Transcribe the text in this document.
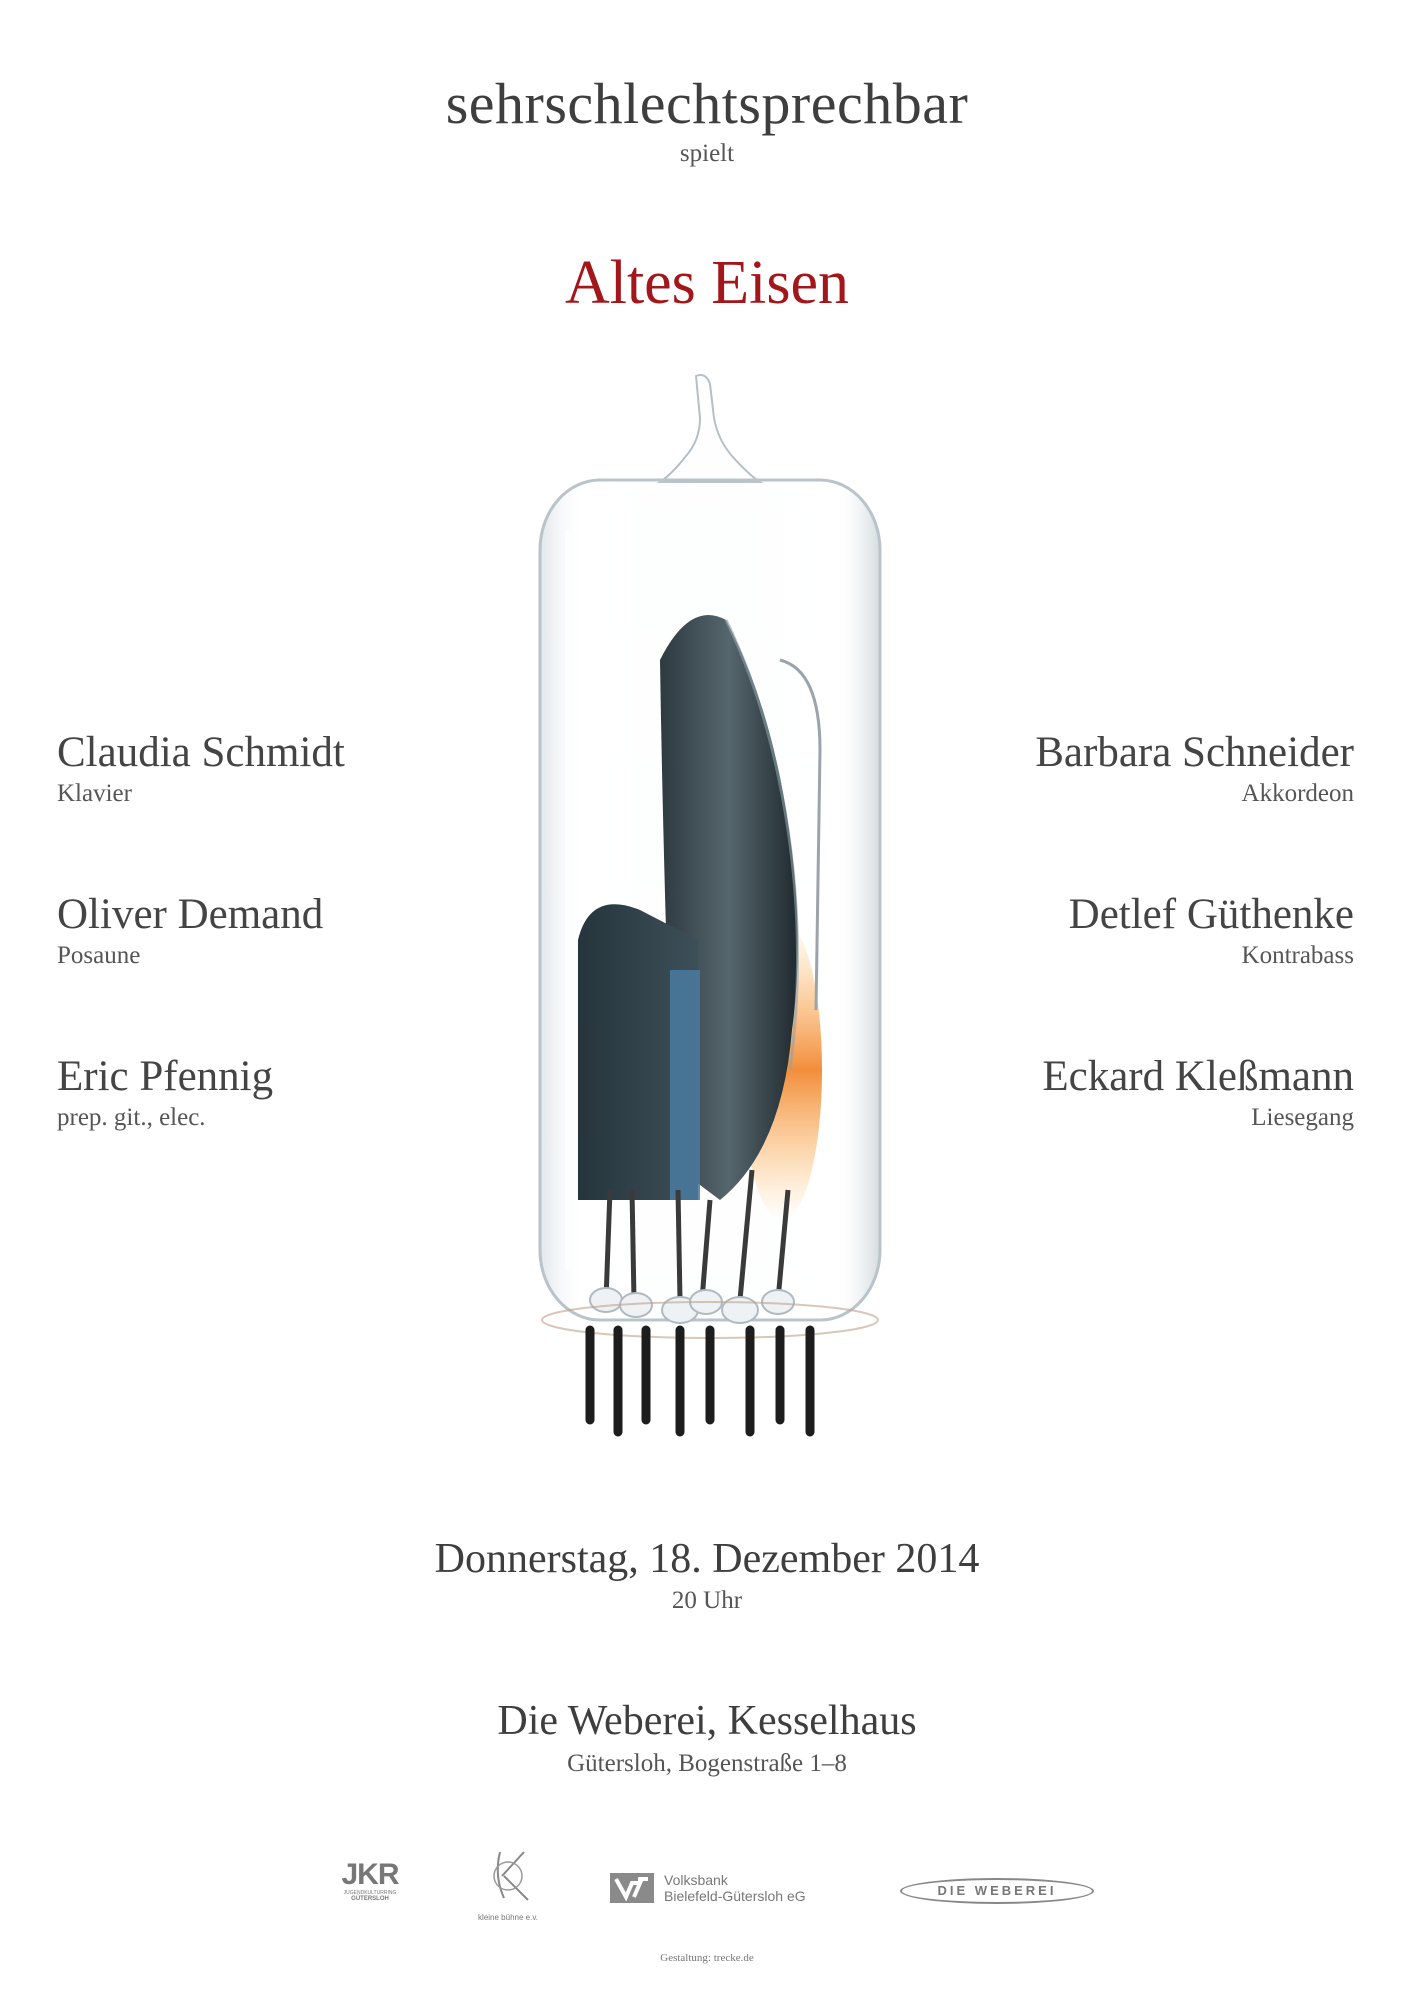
sehrschlechtsprechbar
spielt
Altes Eisen
Claudia Schmidt
Klavier
Oliver Demand
Posaune
Eric Pfennig
prep. git., elec.
Barbara Schneider
Akkordeon
Detlef Güthenke
Kontrabass
Eckard Kleßmann
Liesegang
Donnerstag, 18. Dezember 2014
20 Uhr
Die Weberei, Kesselhaus
Gütersloh, Bogenstraße 1–8
JKR
JUGENDKULTURRING
GÜTERSLOH
kleine bühne e.v.
Volksbank
Bielefeld-Gütersloh eG	DIE WEBEREI
Gestaltung: trecke.de
